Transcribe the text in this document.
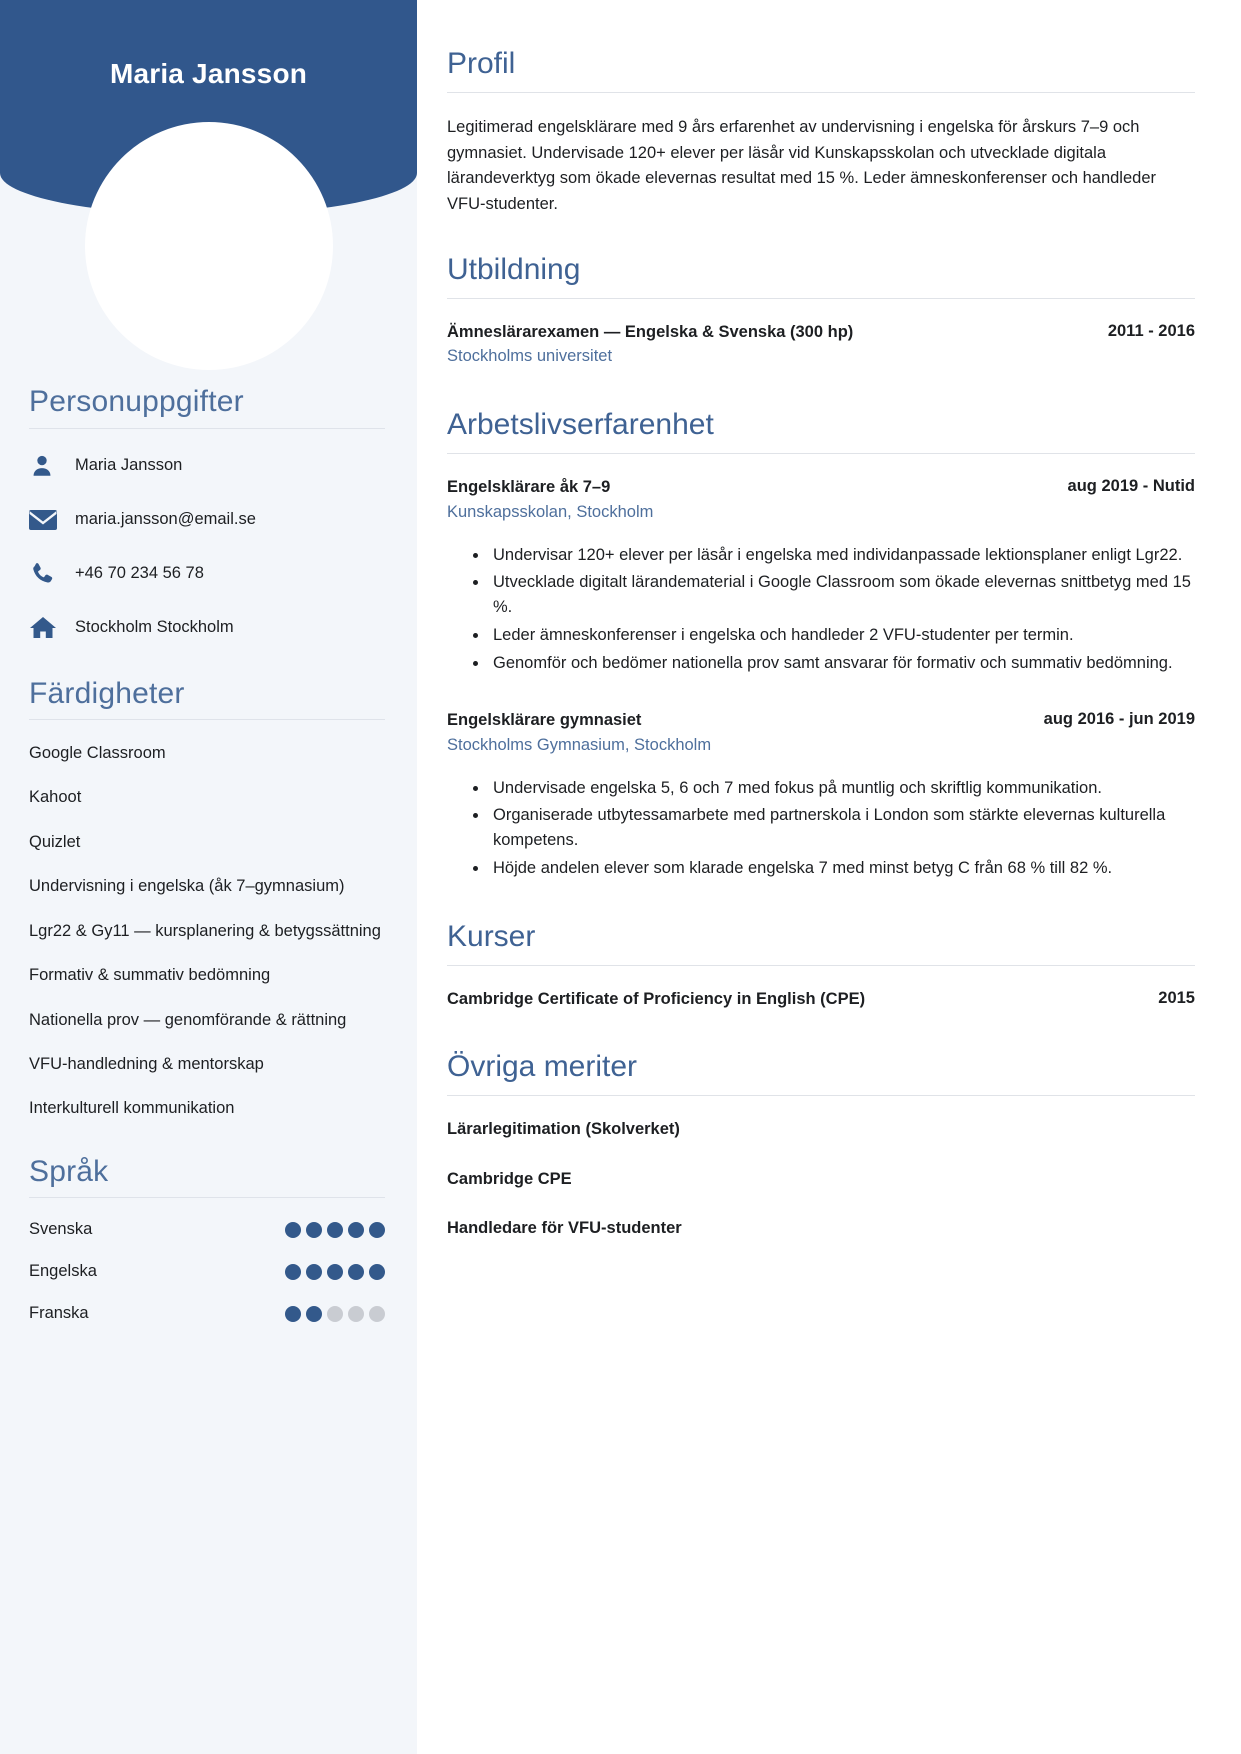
Maria Jansson
Personuppgifter
Maria Jansson
maria.jansson@email.se
+46 70 234 56 78
Stockholm Stockholm
Färdigheter
Google Classroom
Kahoot
Quizlet
Undervisning i engelska (åk 7–gymnasium)
Lgr22 & Gy11 — kursplanering & betygssättning
Formativ & summativ bedömning
Nationella prov — genomförande & rättning
VFU-handledning & mentorskap
Interkulturell kommunikation
Språk
Svenska
Engelska
Franska
Profil

Legitimerad engelsklärare med 9 års erfarenhet av undervisning i engelska för årskurs 7–9 och gymnasiet. Undervisade 120+ elever per läsår vid Kunskapsskolan och utvecklade digitala lärandeverktyg som ökade elevernas resultat med 15 %. Leder ämneskonferenser och handleder VFU-studenter.

Utbildning
Ämneslärarexamen — Engelska & Svenska (300 hp)	2011 - 2016
Stockholms universitet
Arbetslivserfarenhet
Engelsklärare åk 7–9	aug 2019 - Nutid
Kunskapsskolan, Stockholm
• Undervisar 120+ elever per läsår i engelska med individanpassade lektionsplaner enligt Lgr22.
• Utvecklade digitalt lärandematerial i Google Classroom som ökade elevernas snittbetyg med 15 %.
• Leder ämneskonferenser i engelska och handleder 2 VFU-studenter per termin.
• Genomför och bedömer nationella prov samt ansvarar för formativ och summativ bedömning.
Engelsklärare gymnasiet	aug 2016 - jun 2019
Stockholms Gymnasium, Stockholm
• Undervisade engelska 5, 6 och 7 med fokus på muntlig och skriftlig kommunikation.
• Organiserade utbytessamarbete med partnerskola i London som stärkte elevernas kulturella kompetens.
• Höjde andelen elever som klarade engelska 7 med minst betyg C från 68 % till 82 %.
Kurser
Cambridge Certificate of Proficiency in English (CPE)	2015
Övriga meriter
Lärarlegitimation (Skolverket)
Cambridge CPE
Handledare för VFU-studenter
